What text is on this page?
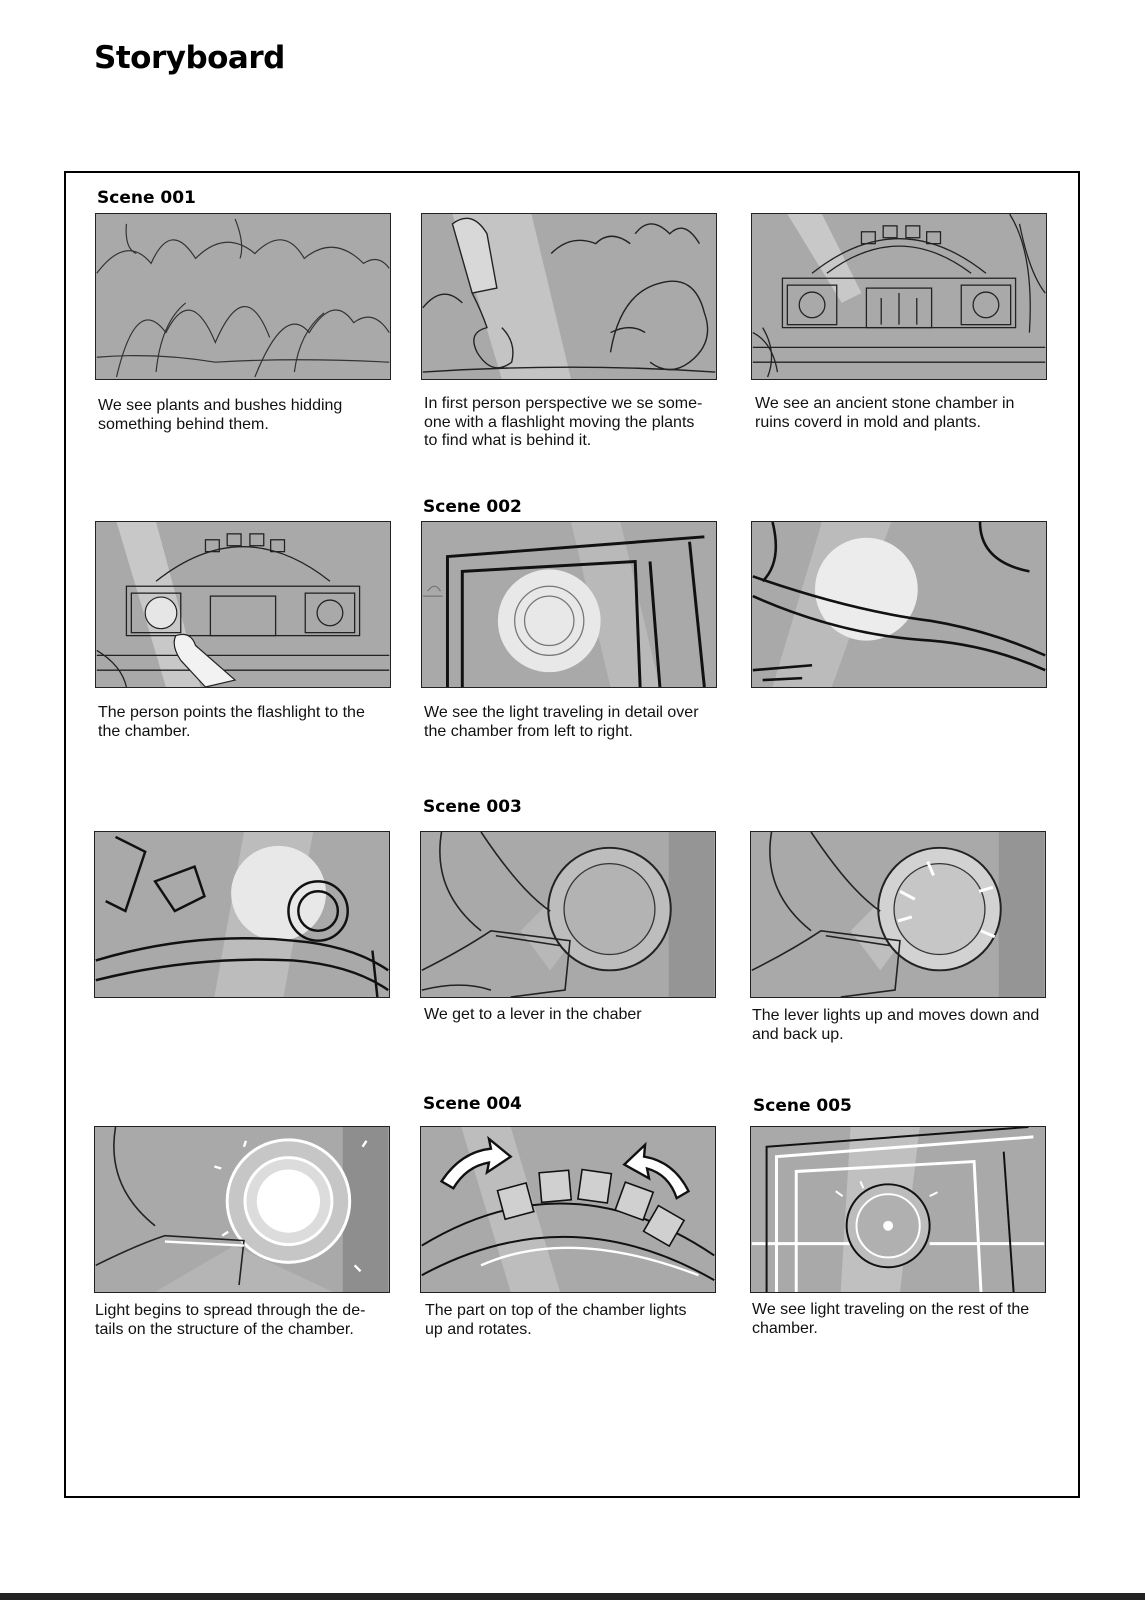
Storyboard
Scene 001
Scene 002
Scene 003
Scene 004	Scene 005
We see plants and bushes hidding
something behind them.
In first person perspective we se some-
one with a flashlight moving the plants
to find what is behind it.
We see an ancient stone chamber in
ruins coverd in mold and plants.
The person points the flashlight to the
the chamber.
We see the light traveling in detail over
the chamber from left to right.
We get to a lever in the chaber	The lever lights up and moves down and
and back up.
Light begins to spread through the de-
tails on the structure of the chamber.
The part on top of the chamber lights
up and rotates.
We see light traveling on the rest of the
chamber.
